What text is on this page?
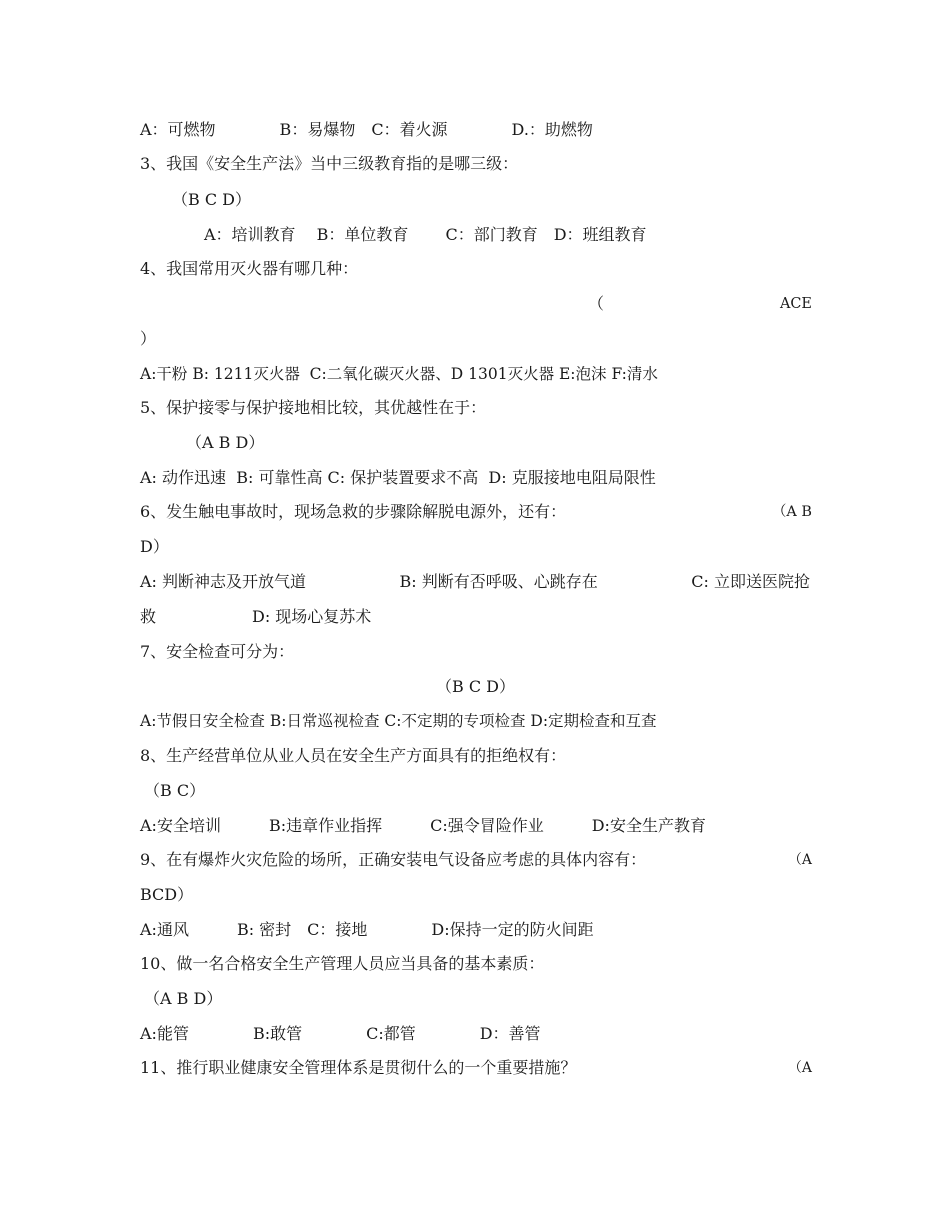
A：可燃物　　　　B：易爆物　C：着火源　　　　D.：助燃物
3、我国《安全生产法》当中三级教育指的是哪三级：
（B C D）
A：培训教育　 B：单位教育　　 C：部门教育　D：班组教育
4、我国常用灭火器有哪几种：
（	ACE
）
A:干粉 B: 1211灭火器  C:二氧化碳灭火器、D 1301灭火器 E:泡沫 F:清水
5、保护接零与保护接地相比较，其优越性在于：
（A B D）
A: 动作迅速  B: 可靠性高 C: 保护装置要求不高  D: 克服接地电阻局限性
6、发生触电事故时，现场急救的步骤除解脱电源外，还有：	（A B
D）
A: 判断神志及开放气道	B: 判断有否呼吸、心跳存在	C: 立即送医院抢
救　　　　　　D: 现场心复苏术
7、安全检查可分为：
（B C D）
A:节假日安全检查 B:日常巡视检查 C:不定期的专项检查 D:定期检查和互查
8、生产经营单位从业人员在安全生产方面具有的拒绝权有：
（B C）
A:安全培训　　　B:违章作业指挥　　　C:强令冒险作业　　　D:安全生产教育
9、在有爆炸火灾危险的场所，正确安装电气设备应考虑的具体内容有：	（A
BCD）
A:通风　　　B: 密封　C：接地　　　　D:保持一定的防火间距
10、做一名合格安全生产管理人员应当具备的基本素质：
（A B D）
A:能管　　　　B:敢管　　　　C:都管　　　　D：善管
11、推行职业健康安全管理体系是贯彻什么的一个重要措施？	（A
